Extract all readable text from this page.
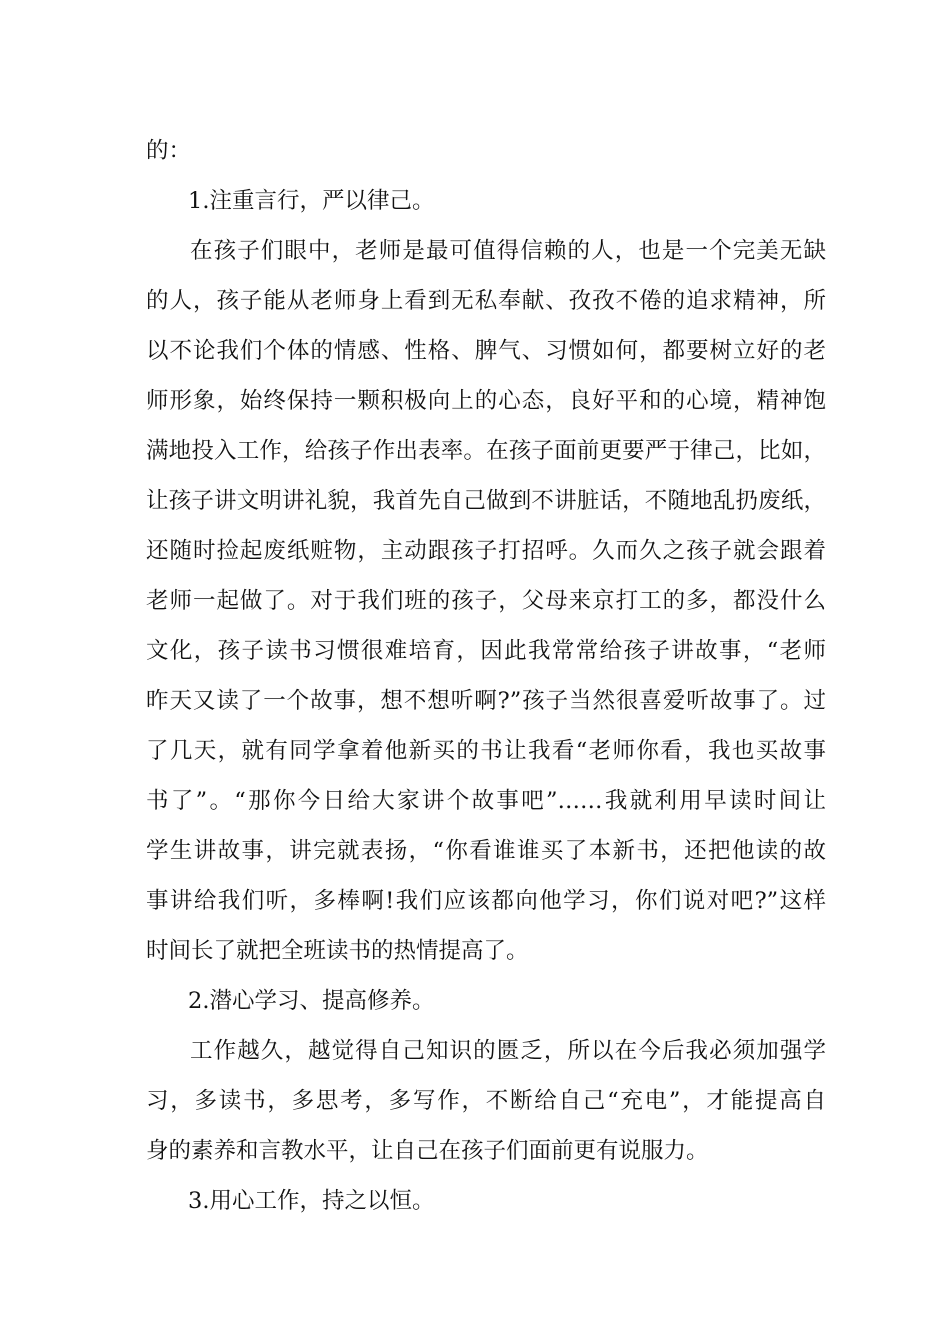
的：
1.注重言行，严以律己。
在孩子们眼中，老师是最可值得信赖的人，也是一个完美无缺
的人，孩子能从老师身上看到无私奉献、孜孜不倦的追求精神，所
以不论我们个体的情感、性格、脾气、习惯如何，都要树立好的老
师形象，始终保持一颗积极向上的心态，良好平和的心境，精神饱
满地投入工作，给孩子作出表率。在孩子面前更要严于律己，比如，
让孩子讲文明讲礼貌，我首先自己做到不讲脏话，不随地乱扔废纸，
还随时捡起废纸赃物，主动跟孩子打招呼。久而久之孩子就会跟着
老师一起做了。对于我们班的孩子，父母来京打工的多，都没什么
文化，孩子读书习惯很难培育，因此我常常给孩子讲故事，“老师
昨天又读了一个故事，想不想听啊?”孩子当然很喜爱听故事了。过
了几天，就有同学拿着他新买的书让我看“老师你看，我也买故事
书了”。“那你今日给大家讲个故事吧”……我就利用早读时间让
学生讲故事，讲完就表扬，“你看谁谁买了本新书，还把他读的故
事讲给我们听，多棒啊!我们应该都向他学习，你们说对吧?”这样
时间长了就把全班读书的热情提高了。
2.潜心学习、提高修养。
工作越久，越觉得自己知识的匮乏，所以在今后我必须加强学
习，多读书，多思考，多写作，不断给自己“充电”，才能提高自
身的素养和言教水平，让自己在孩子们面前更有说服力。
3.用心工作，持之以恒。
